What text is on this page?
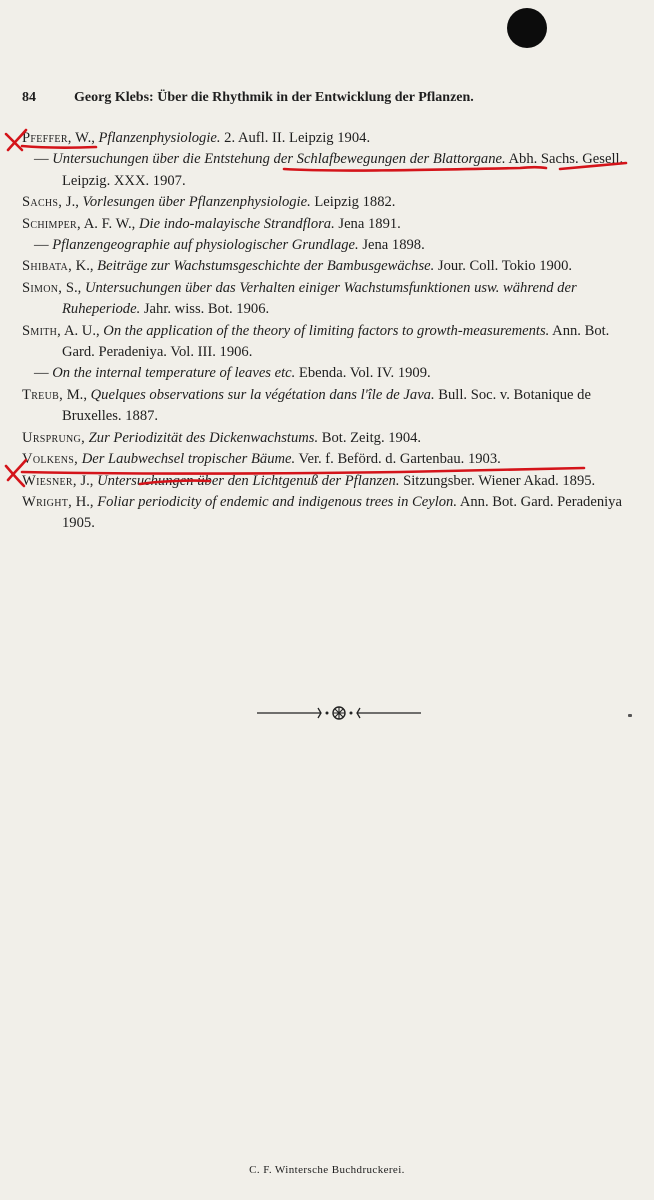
84	Georg Klebs: Über die Rhythmik in der Entwicklung der Pflanzen.
Pfeffer, W., Pflanzenphysiologie. 2. Aufl. II. Leipzig 1904.
— Untersuchungen über die Entstehung der Schlafbewegungen der Blattorgane. Abh. Sachs. Gesell. Leipzig. XXX. 1907.
Sachs, J., Vorlesungen über Pflanzenphysiologie. Leipzig 1882.
Schimper, A. F. W., Die indo-malayische Strandflora. Jena 1891.
— Pflanzengeographie auf physiologischer Grundlage. Jena 1898.
Shibata, K., Beiträge zur Wachstumsgeschichte der Bambusgewächse. Jour. Coll. Tokio 1900.
Simon, S., Untersuchungen über das Verhalten einiger Wachstumsfunktionen usw. während der Ruheperiode. Jahr. wiss. Bot. 1906.
Smith, A. U., On the application of the theory of limiting factors to growth-measurements. Ann. Bot. Gard. Peradeniya. Vol. III. 1906.
— On the internal temperature of leaves etc. Ebenda. Vol. IV. 1909.
Treub, M., Quelques observations sur la végétation dans l'île de Java. Bull. Soc. v. Botanique de Bruxelles. 1887.
Ursprung, Zur Periodizität des Dickenwachstums. Bot. Zeitg. 1904.
Volkens, Der Laubwechsel tropischer Bäume. Ver. f. Beförd. d. Gartenbau. 1903.
Wiesner, J., Untersuchungen über den Lichtgenuß der Pflanzen. Sitzungsber. Wiener Akad. 1895.
Wright, H., Foliar periodicity of endemic and indigenous trees in Ceylon. Ann. Bot. Gard. Peradeniya 1905.
C. F. Wintersche Buchdruckerei.
